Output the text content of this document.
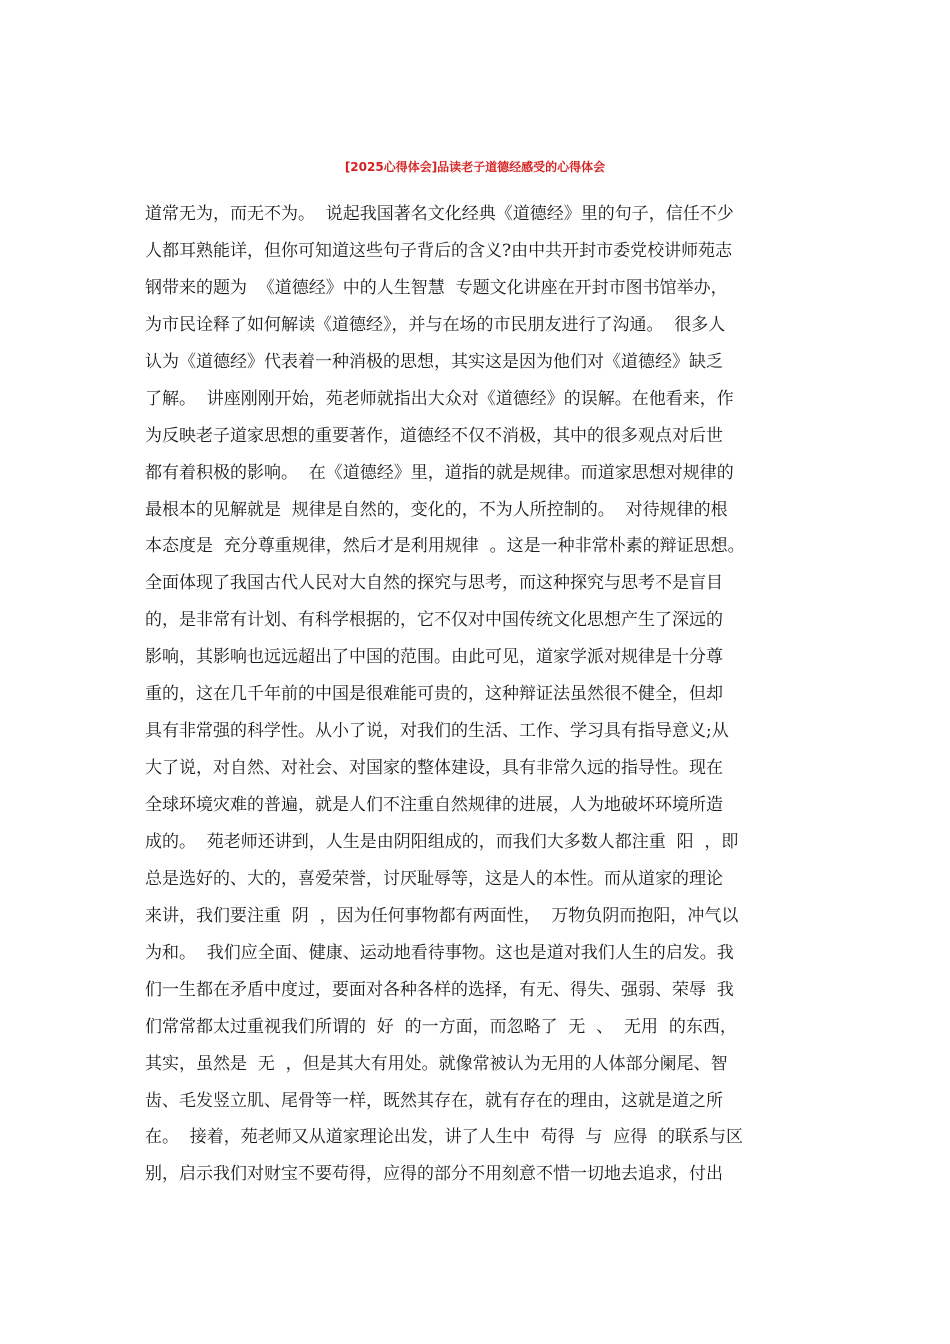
[2025心得体会]品读老子道德经感受的心得体会
道常无为，而无不为。  说起我国著名文化经典《道德经》里的句子，信任不少
人都耳熟能详，但你可知道这些句子背后的含义?由中共开封市委党校讲师苑志
钢带来的题为  《道德经》中的人生智慧  专题文化讲座在开封市图书馆举办，
为市民诠释了如何解读《道德经》，并与在场的市民朋友进行了沟通。  很多人
认为《道德经》代表着一种消极的思想，其实这是因为他们对《道德经》缺乏
了解。  讲座刚刚开始，苑老师就指出大众对《道德经》的误解。在他看来，作
为反映老子道家思想的重要著作，道德经不仅不消极，其中的很多观点对后世
都有着积极的影响。  在《道德经》里，道指的就是规律。而道家思想对规律的
最根本的见解就是  规律是自然的，变化的，不为人所控制的。  对待规律的根
本态度是  充分尊重规律，然后才是利用规律  。这是一种非常朴素的辩证思想。
全面体现了我国古代人民对大自然的探究与思考，而这种探究与思考不是盲目
的，是非常有计划、有科学根据的，它不仅对中国传统文化思想产生了深远的
影响，其影响也远远超出了中国的范围。由此可见，道家学派对规律是十分尊
重的，这在几千年前的中国是很难能可贵的，这种辩证法虽然很不健全，但却
具有非常强的科学性。从小了说，对我们的生活、工作、学习具有指导意义;从
大了说，对自然、对社会、对国家的整体建设，具有非常久远的指导性。现在
全球环境灾难的普遍，就是人们不注重自然规律的进展，人为地破坏环境所造
成的。  苑老师还讲到，人生是由阴阳组成的，而我们大多数人都注重  阳  ，即
总是选好的、大的，喜爱荣誉，讨厌耻辱等，这是人的本性。而从道家的理论
来讲，我们要注重  阴  ，因为任何事物都有两面性，  万物负阴而抱阳，冲气以
为和。  我们应全面、健康、运动地看待事物。这也是道对我们人生的启发。我
们一生都在矛盾中度过，要面对各种各样的选择，有无、得失、强弱、荣辱  我
们常常都太过重视我们所谓的  好  的一方面，而忽略了  无  、  无用  的东西，
其实，虽然是  无  ，但是其大有用处。就像常被认为无用的人体部分阑尾、智
齿、毛发竖立肌、尾骨等一样，既然其存在，就有存在的理由，这就是道之所
在。  接着，苑老师又从道家理论出发，讲了人生中  苟得  与  应得  的联系与区
别，启示我们对财宝不要苟得，应得的部分不用刻意不惜一切地去追求，付出
